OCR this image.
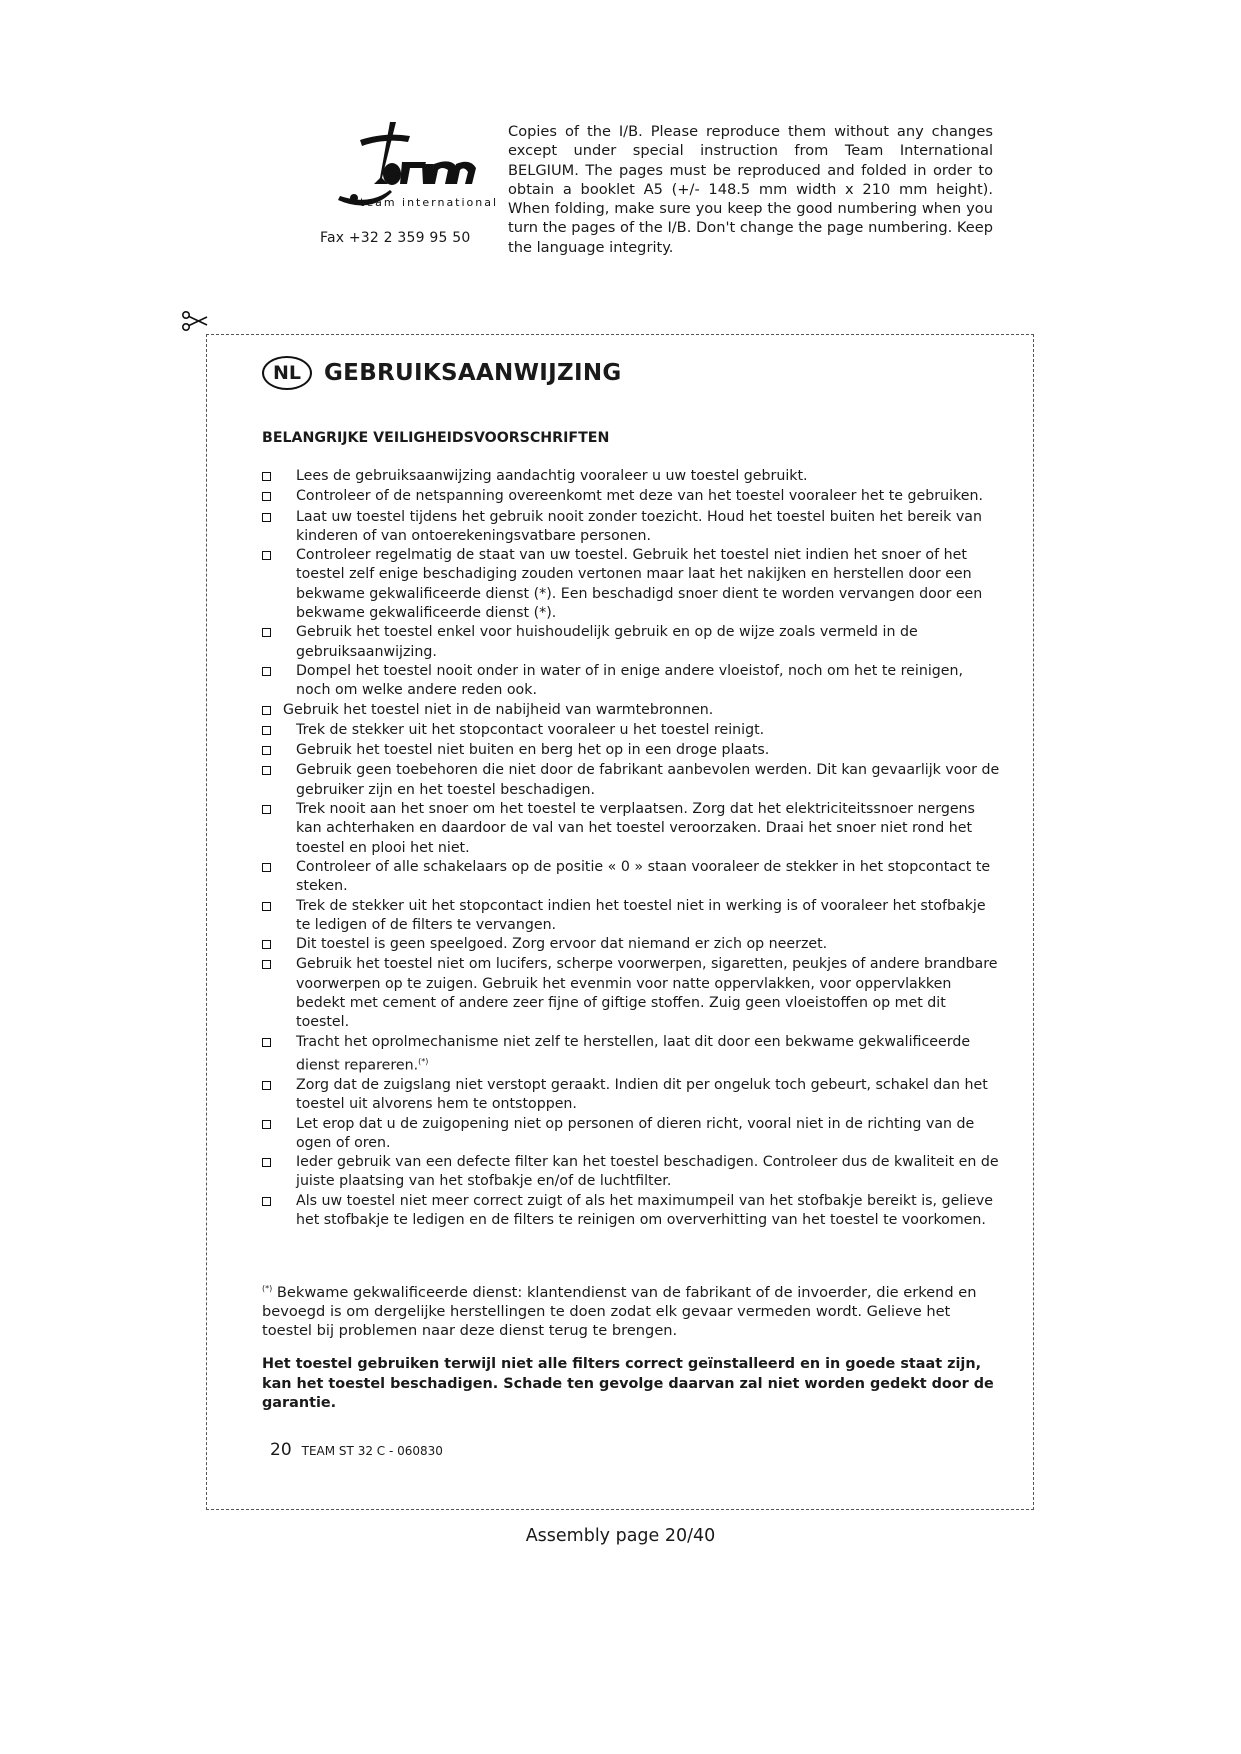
team international
Fax +32 2 359 95 50
Copies of the I/B. Please reproduce them without any changes except under special instruction from Team International BELGIUM. The pages must be reproduced and folded in order to obtain a booklet A5 (+/- 148.5 mm width x 210 mm height). When folding, make sure you keep the good numbering when you turn the pages of the I/B. Don't change the page numbering. Keep the language integrity.
NL	GEBRUIKSAANWIJZING
BELANGRIJKE VEILIGHEIDSVOORSCHRIFTEN
Lees de gebruiksaanwijzing aandachtig vooraleer u uw toestel gebruikt.
Controleer of de netspanning overeenkomt met deze van het toestel vooraleer het te gebruiken.
Laat uw toestel tijdens het gebruik nooit zonder toezicht. Houd het toestel buiten het bereik van kinderen of van ontoerekeningsvatbare personen.
Controleer regelmatig de staat van uw toestel. Gebruik het toestel niet indien het snoer of het toestel zelf enige beschadiging zouden vertonen maar laat het nakijken en herstellen door een bekwame gekwalificeerde dienst (*). Een beschadigd snoer dient te worden vervangen door een bekwame gekwalificeerde dienst (*).
Gebruik het toestel enkel voor huishoudelijk gebruik en op de wijze zoals vermeld in de gebruiksaanwijzing.
Dompel het toestel nooit onder in water of in enige andere vloeistof, noch om het te reinigen, noch om welke andere reden ook.
Gebruik het toestel niet in de nabijheid van warmtebronnen.
Trek de stekker uit het stopcontact vooraleer u het toestel reinigt.
Gebruik het toestel niet buiten en berg het op in een droge plaats.
Gebruik geen toebehoren die niet door de fabrikant aanbevolen werden. Dit kan gevaarlijk voor de gebruiker zijn en het toestel beschadigen.
Trek nooit aan het snoer om het toestel te verplaatsen. Zorg dat het elektriciteitssnoer nergens kan achterhaken en daardoor de val van het toestel veroorzaken. Draai het snoer niet rond het toestel en plooi het niet.
Controleer of alle schakelaars op de positie « 0 » staan vooraleer de stekker in het stopcontact te steken.
Trek de stekker uit het stopcontact indien het toestel niet in werking is of vooraleer het stofbakje te ledigen of de filters te vervangen.
Dit toestel is geen speelgoed. Zorg ervoor dat niemand er zich op neerzet.
Gebruik het toestel niet om lucifers, scherpe voorwerpen, sigaretten, peukjes of andere brandbare voorwerpen op te zuigen. Gebruik het evenmin voor natte oppervlakken, voor oppervlakken bedekt met cement of andere zeer fijne of giftige stoffen. Zuig geen vloeistoffen op met dit toestel.
Tracht het oprolmechanisme niet zelf te herstellen, laat dit door een bekwame gekwalificeerde dienst repareren.(*)
Zorg dat de zuigslang niet verstopt geraakt. Indien dit per ongeluk toch gebeurt, schakel dan het toestel uit alvorens hem te ontstoppen.
Let erop dat u de zuigopening niet op personen of dieren richt, vooral niet in de richting van de ogen of oren.
Ieder gebruik van een defecte filter kan het toestel beschadigen. Controleer dus de kwaliteit en de juiste plaatsing van het stofbakje en/of de luchtfilter.
Als uw toestel niet meer correct zuigt of als het maximumpeil van het stofbakje bereikt is, gelieve het stofbakje te ledigen en de filters te reinigen om oververhitting van het toestel te voorkomen.
(*) Bekwame gekwalificeerde dienst: klantendienst van de fabrikant of de invoerder, die erkend en bevoegd is om dergelijke herstellingen te doen zodat elk gevaar vermeden wordt. Gelieve het toestel bij problemen naar deze dienst terug te brengen.
Het toestel gebruiken terwijl niet alle filters correct geïnstalleerd en in goede staat zijn, kan het toestel beschadigen. Schade ten gevolge daarvan zal niet worden gedekt door de garantie.
20 TEAM ST 32 C - 060830
Assembly page 20/40
